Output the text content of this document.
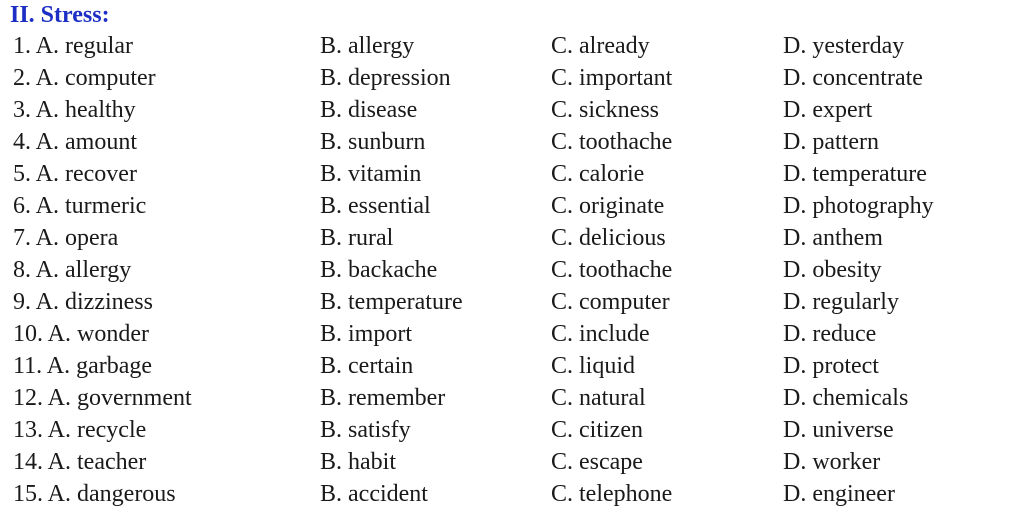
II. Stress:
1. A. regular	B. allergy	C. already	D. yesterday
2. A. computer	B. depression	C. important	D. concentrate
3. A. healthy	B. disease	C. sickness	D. expert
4. A. amount	B. sunburn	C. toothache	D. pattern
5. A. recover	B. vitamin	C. calorie	D. temperature
6. A. turmeric	B. essential	C. originate	D. photography
7. A. opera	B. rural	C. delicious	D. anthem
8. A. allergy	B. backache	C. toothache	D. obesity
9. A. dizziness	B. temperature	C. computer	D. regularly
10. A. wonder	B. import	C. include	D. reduce
11. A. garbage	B. certain	C. liquid	D. protect
12. A. government	B. remember	C. natural	D. chemicals
13. A. recycle	B. satisfy	C. citizen	D. universe
14. A. teacher	B. habit	C. escape	D. worker
15. A. dangerous	B. accident	C. telephone	D. engineer
